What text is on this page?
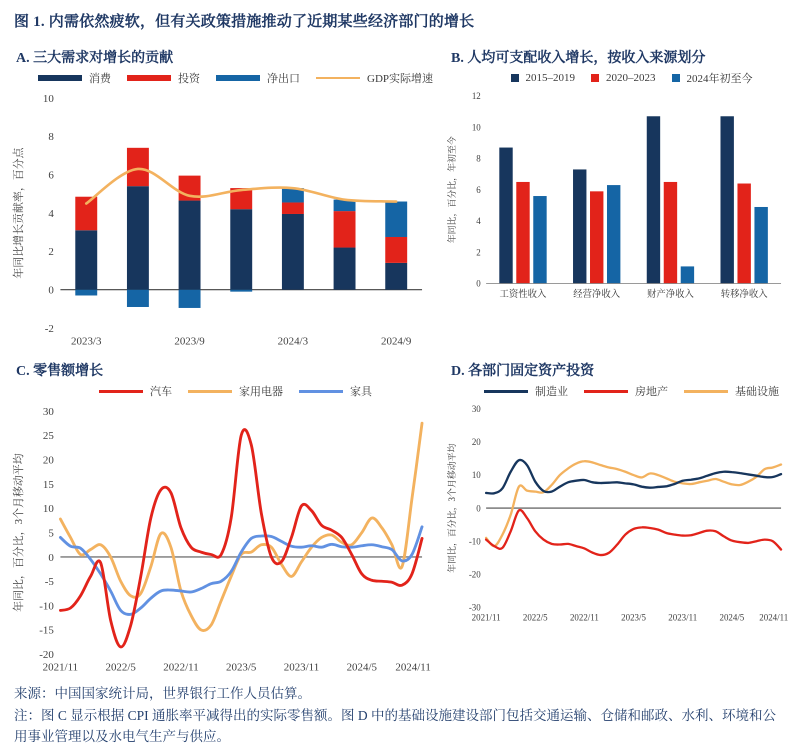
图 1. 内需依然疲软，但有关政策措施推动了近期某些经济部门的增长
A. 三大需求对增长的贡献
消费	投资	净出口	GDP实际增速
-2
0
2
4
6
8
10
年同比增长贡献率，百分点
2023/3	2023/9	2024/3	2024/9
B. 人均可支配收入增长，按收入来源划分
2015–2019	2020–2023	2024年初至今
0
2
4
6
8
10
12
年同比，百分比，年初至今
工资性收入	经营净收入	财产净收入	转移净收入
C. 零售额增长
汽车	家用电器	家具
-20
-15
-10
-5
0
5
10
15
20
25
30
年同比，百分比，3个月移动平均
2021/11	2022/5	2022/11	2023/5	2023/11	2024/5 2024/11
D. 各部门固定资产投资
制造业	房地产	基础设施
-30
-20
-10
0
10
20
30
年同比，百分比，3个月移动平均
2021/11 2022/5 2022/11 2023/5 2023/11 2024/5 2024/11

来源：中国国家统计局，世界银行工作人员估算。

注：图 C 显示根据 CPI 通胀率平减得出的实际零售额。图 D 中的基础设施建设部门包括交通运输、仓储和邮政、水利、环境和公用事业管理以及水电气生产与供应。
